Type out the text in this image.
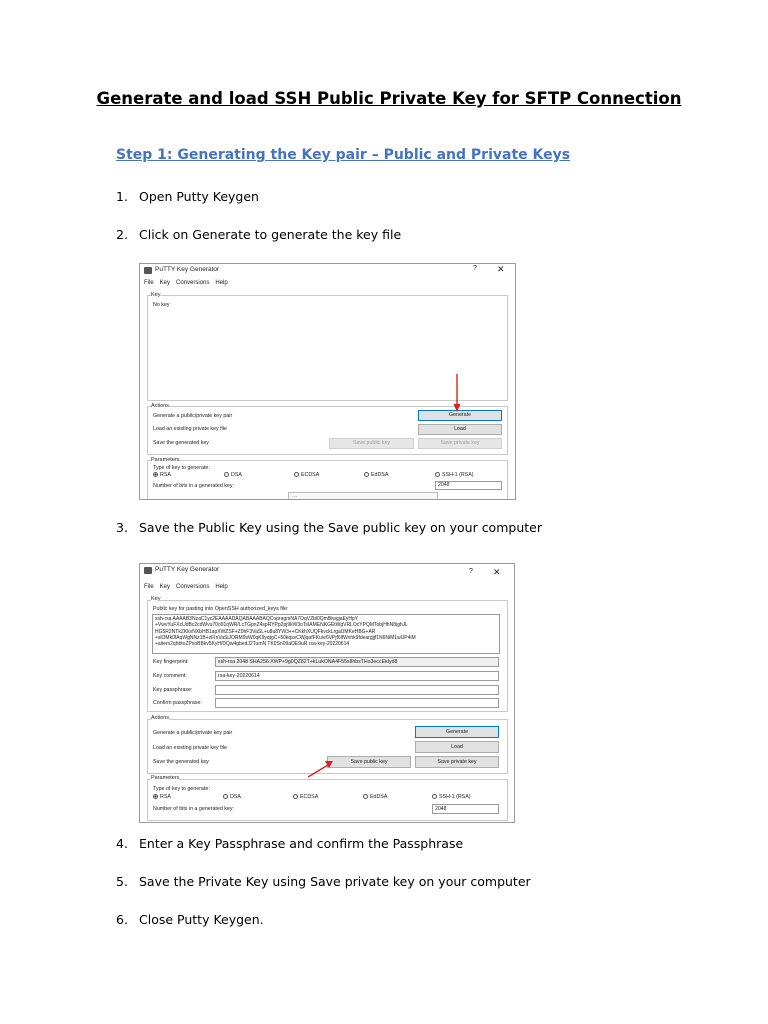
Generate and load SSH Public Private Key for SFTP Connection
Step 1: Generating the Key pair – Public and Private Keys
1. Open Putty Keygen
2. Click on Generate to generate the key file
PuTTY Key Generator	? ✕
File Key Conversions Help
Key
No key
Actions
Generate a public/private key pair
Load an existing private key file
Save the generated key
Generate
Load
Save public key	Save private key
Parameters
Type of key to generate:
RSA	DSA	ECDSA	EdDSA	SSH-1 (RSA)
Number of bits in a generated key:	2048
....
3. Save the Public Key using the Save public key on your computer
PuTTY Key Generator	? ✕
File Key Conversions Help
Key
Public key for pasting into OpenSSH authorized_keys file:
ssh-rsa AAAAB3NzaC1yc2EAAAADAQABAAABAQCopragmNA7OqVZbl0QmBiwgjaEyHpY
+VwvYuFXcUdBc2cdWvu70o91qWR/LcTGpnZ4spRYPp2pj9kW3oTsIAMENKGEtWgVRLOcYPQMTobjHhN8ighJL
HG5R2NTkZKkvNXbHB1apXWZSF+Z0hF3VaSL+u8u8YW3++CKkhXUQFkvckLrgaUMKeHBG+AR
+slOMk0fAqWgNNz1B+zFInVaSiJORM9sW0qK9yqtgC+50kqsvCWjqafFKu/e6VPjf6lfWvhk9fdeargjjf1N6NiM1wUP4iM
+aitem2qhbtoZPxoBBkv5KyH/DQw4gbedJ2TumN TK0Sn09aOE9uR rsa-key-20220614
Key fingerprint:	ssh-rsa 2048 SHA256:XWP+9g0QZ82T+kLukONA4F55s8hbsTHo3eccEkIyd8
Key comment:	rsa-key-20220614
Key passphrase:
Confirm passphrase:
Actions
Generate a public/private key pair
Load an existing private key file
Save the generated key
Generate
Load
Save public key	Save private key
Parameters
Type of key to generate:
RSA	DSA	ECDSA	EdDSA	SSH-1 (RSA)
Number of bits in a generated key:	2048
4. Enter a Key Passphrase and confirm the Passphrase
5. Save the Private Key using Save private key on your computer
6. Close Putty Keygen.
